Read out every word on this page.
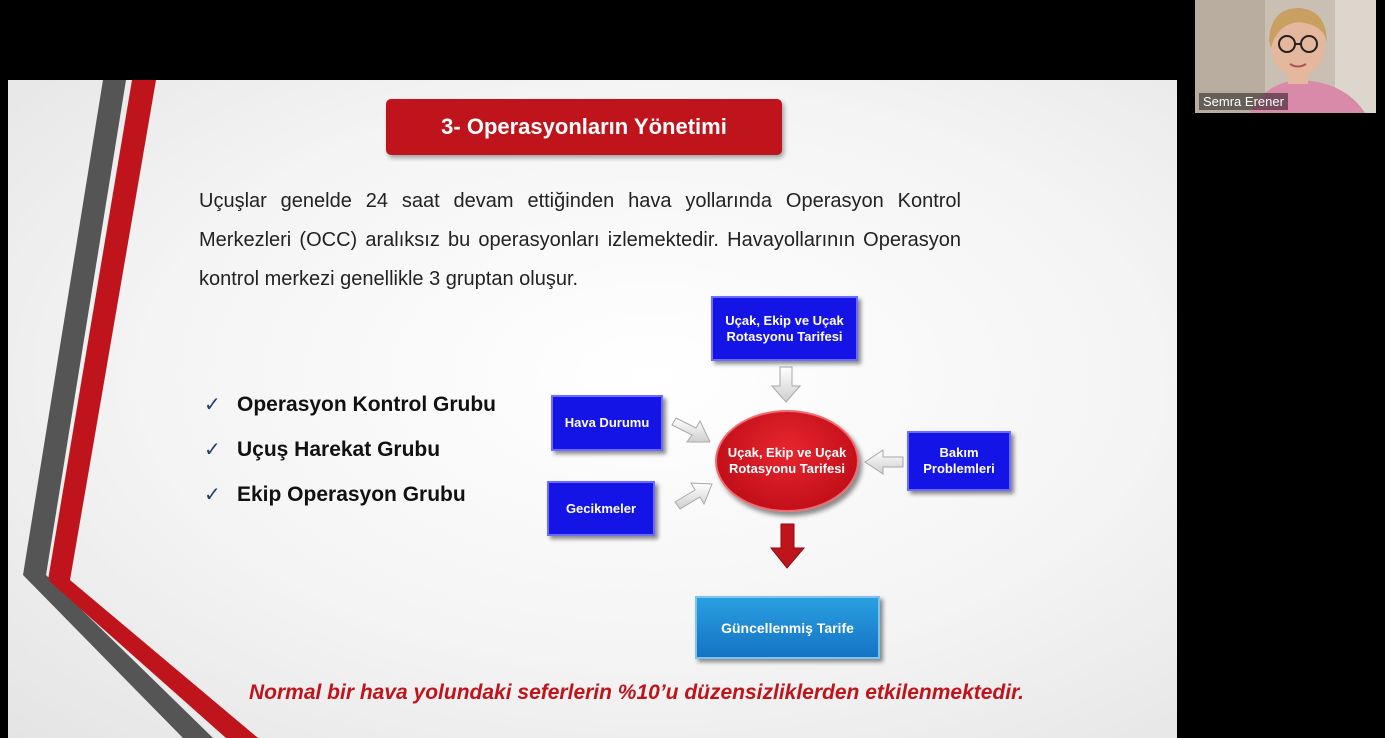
3- Operasyonların Yönetimi
Uçuşlar genelde 24 saat devam ettiğinden hava yollarında Operasyon Kontrol Merkezleri (OCC) aralıksız bu operasyonları izlemektedir. Havayollarının Operasyon kontrol merkezi genellikle 3 gruptan oluşur.
✓ Operasyon Kontrol Grubu
✓ Uçuş Harekat Grubu
✓ Ekip Operasyon Grubu
Uçak, Ekip ve Uçak Rotasyonu Tarifesi
Hava Durumu
Gecikmeler
Bakım Problemleri
Uçak, Ekip ve Uçak Rotasyonu Tarifesi
Güncellenmiş Tarife
Normal bir hava yolundaki seferlerin %10’u düzensizliklerden etkilenmektedir.
Semra Erener
